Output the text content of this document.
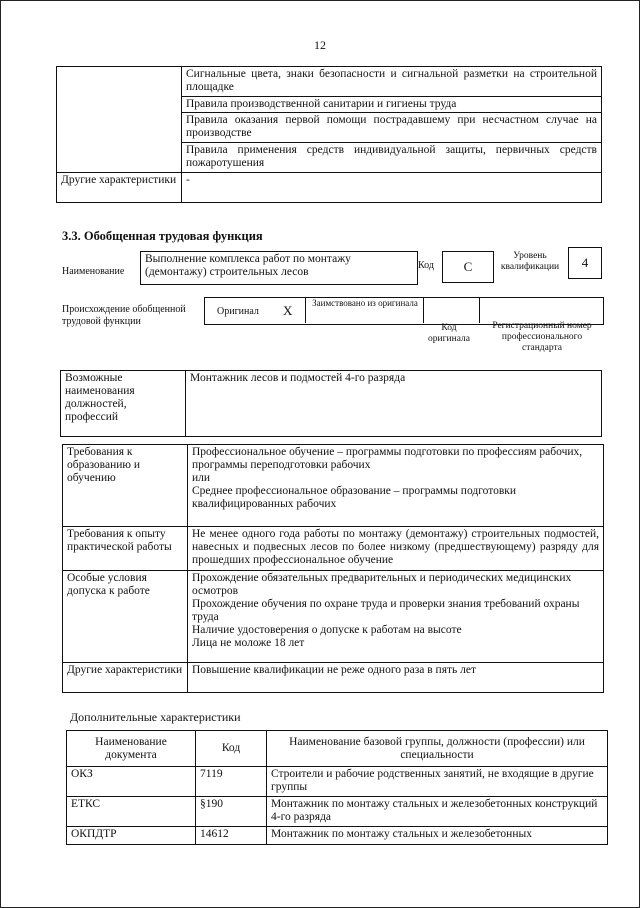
12
	Сигнальные цвета, знаки безопасности и сигнальной разметки на строительной площадке
	Правила производственной санитарии и гигиены труда
	Правила оказания первой помощи пострадавшему при несчастном случае на производстве
	Правила применения средств индивидуальной защиты, первичных средств пожаротушения
Другие характеристики	-
3.3. Обобщенная трудовая функция
Наименование
Выполнение комплекса работ по монтажу (демонтажу) строительных лесов
Код	С
Уровень квалификации	4
Происхождение обобщенной трудовой функции
Оригинал Х	Заимствовано из оригинала
Код оригинала
Регистрационный номер профессионального стандарта
Возможные наименования должностей, профессий	Монтажник лесов и подмостей 4-го разряда
Требования к образованию и обучению	Профессиональное обучение – программы подготовки по профессиям рабочих, программы переподготовки рабочих
или
Среднее профессиональное образование – программы подготовки квалифицированных рабочих

Требования к опыту практической работы	Не менее одного года работы по монтажу (демонтажу) строительных подмостей, навесных и подвесных лесов по более низкому (предшествующему) разряду для прошедших профессиональное обучение
Особые условия допуска к работе	Прохождение обязательных предварительных и периодических медицинских осмотров
Прохождение обучения по охране труда и проверки знания требований охраны труда
Наличие удостоверения о допуске к работам на высоте
Лица не моложе 18 лет

Другие характеристики	Повышение квалификации не реже одного раза в пять лет
Дополнительные характеристики
Наименование документа	Код	Наименование базовой группы, должности (профессии) или специальности
ОКЗ	7119	Строители и рабочие родственных занятий, не входящие в другие группы
ЕТКС	§190	Монтажник по монтажу стальных и железобетонных конструкций 4-го разряда
ОКПДТР	14612	Монтажник по монтажу стальных и железобетонных
